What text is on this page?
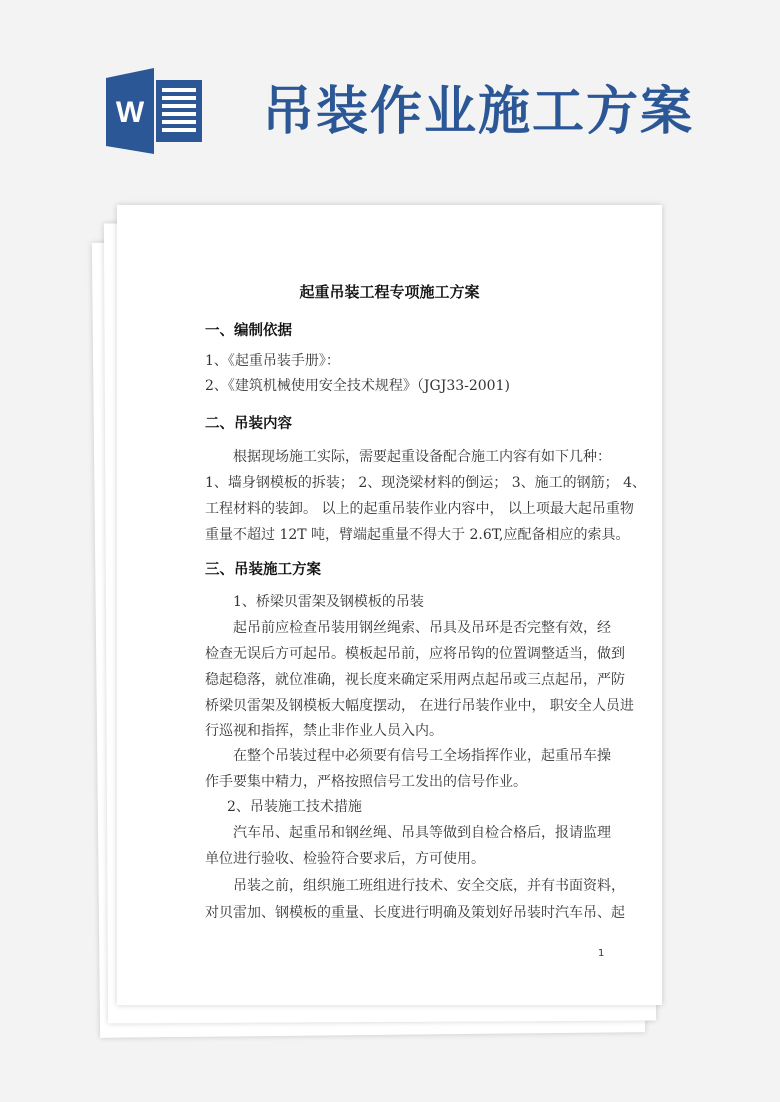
W 吊装作业施工方案
起重吊装工程专项施工方案
一、编制依据
1、《起重吊装手册》：
2、《建筑机械使用安全技术规程》（JGJ33-2001)
二、吊装内容
根据现场施工实际，需要起重设备配合施工内容有如下几种：
1、墙身钢模板的拆装； 2、现浇梁材料的倒运； 3、施工的钢筋； 4、
工程材料的装卸。 以上的起重吊装作业内容中， 以上项最大起吊重物
重量不超过 12T 吨，臂端起重量不得大于 2.6T,应配备相应的索具。
三、吊装施工方案
1、桥梁贝雷架及钢模板的吊装
起吊前应检查吊装用钢丝绳索、吊具及吊环是否完整有效，经
检查无误后方可起吊。模板起吊前，应将吊钩的位置调整适当，做到
稳起稳落，就位准确，视长度来确定采用两点起吊或三点起吊，严防
桥梁贝雷架及钢模板大幅度摆动， 在进行吊装作业中， 职安全人员进
行巡视和指挥，禁止非作业人员入内。
在整个吊装过程中必须要有信号工全场指挥作业，起重吊车操
作手要集中精力，严格按照信号工发出的信号作业。
2、吊装施工技术措施
汽车吊、起重吊和钢丝绳、吊具等做到自检合格后，报请监理
单位进行验收、检验符合要求后，方可使用。
吊装之前，组织施工班组进行技术、安全交底，并有书面资料，
对贝雷加、钢模板的重量、长度进行明确及策划好吊装时汽车吊、起
1
